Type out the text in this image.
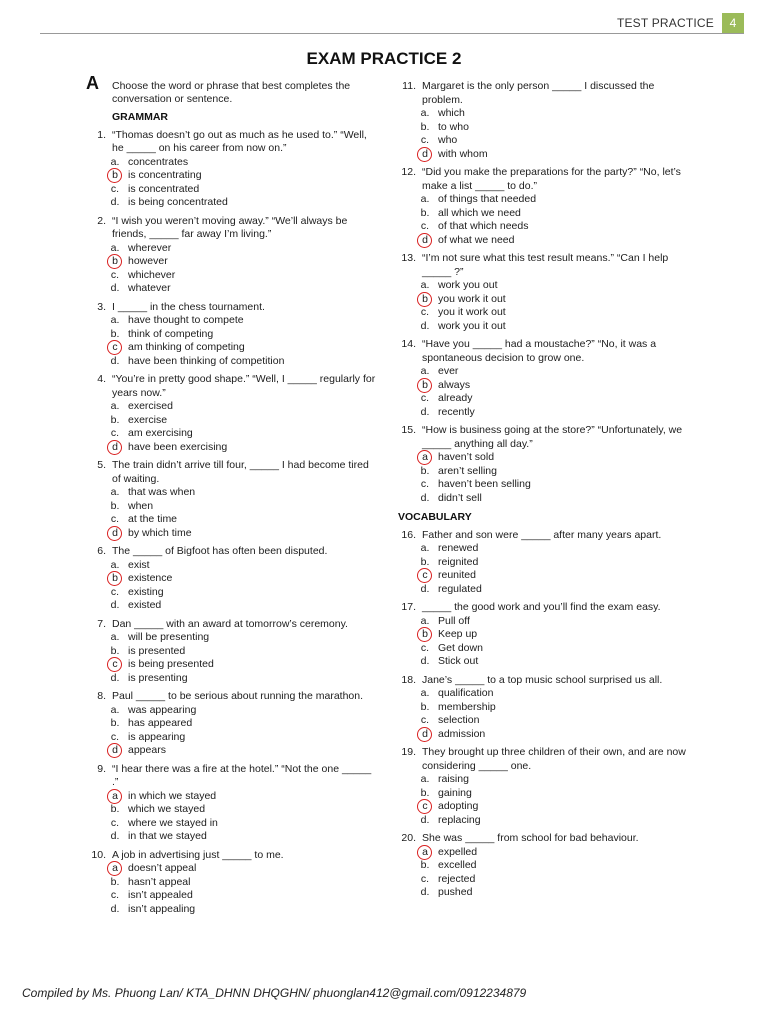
TEST PRACTICE	4
EXAM PRACTICE 2
A Choose the word or phrase that best completes the conversation or sentence.
GRAMMAR
1. “Thomas doesn’t go out as much as he used to.” “Well, he _____ on his career from now on.”
a. concentrates
b is concentrating
c. is concentrated
d. is being concentrated
2. “I wish you weren’t moving away.” “We’ll always be friends, _____ far away I’m living.”
a. wherever
b however
c. whichever
d. whatever
3. I _____ in the chess tournament.
a. have thought to compete
b. think of competing
c am thinking of competing
d. have been thinking of competition
4. “You’re in pretty good shape.” “Well, I _____ regularly for years now.”
a. exercised
b. exercise
c. am exercising
d have been exercising
5. The train didn’t arrive till four, _____ I had become tired of waiting.
a. that was when
b. when
c. at the time
d by which time
6. The _____ of Bigfoot has often been disputed.
a. exist
b existence
c. existing
d. existed
7. Dan _____ with an award at tomorrow’s ceremony.
a. will be presenting
b. is presented
c is being presented
d. is presenting
8. Paul _____ to be serious about running the marathon.
a. was appearing
b. has appeared
c. is appearing
d appears
9. “I hear there was a fire at the hotel.” “Not the one _____ .”
a in which we stayed
b. which we stayed
c. where we stayed in
d. in that we stayed
10. A job in advertising just _____ to me.
a doesn’t appeal
b. hasn’t appeal
c. isn’t appealed
d. isn’t appealing
11. Margaret is the only person _____ I discussed the problem.
a. which
b. to who
c. who
d with whom
12. “Did you make the preparations for the party?” “No, let’s make a list _____ to do.”
a. of things that needed
b. all which we need
c. of that which needs
d of what we need
13. “I’m not sure what this test result means.” “Can I help _____ ?”
a. work you out
b you work it out
c. you it work out
d. work you it out
14. “Have you _____ had a moustache?” “No, it was a spontaneous decision to grow one.
a. ever
b always
c. already
d. recently
15. “How is business going at the store?” “Unfortunately, we _____ anything all day.”
a haven’t sold
b. aren’t selling
c. haven’t been selling
d. didn’t sell
VOCABULARY
16. Father and son were _____ after many years apart.
a. renewed
b. reignited
c reunited
d. regulated
17. _____ the good work and you’ll find the exam easy.
a. Pull off
b Keep up
c. Get down
d. Stick out
18. Jane’s _____ to a top music school surprised us all.
a. qualification
b. membership
c. selection
d admission
19. They brought up three children of their own, and are now considering _____ one.
a. raising
b. gaining
c adopting
d. replacing
20. She was _____ from school for bad behaviour.
a expelled
b. excelled
c. rejected
d. pushed
Compiled by Ms. Phuong Lan/ KTA_DHNN DHQGHN/ phuonglan412@gmail.com/0912234879
